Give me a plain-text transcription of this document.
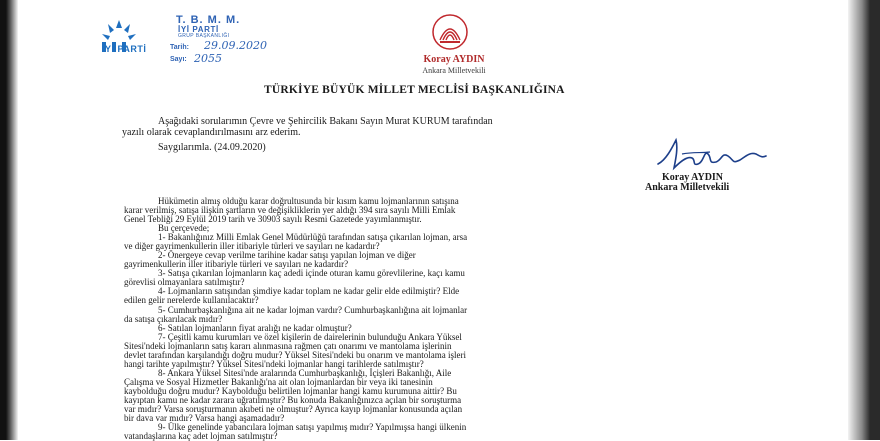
İYİ PARTİ
T. B. M. M.
İYİ PARTİ
GRUP BAŞKANLIĞI
Tarih: 29.09.2020
Sayı: 2055	Koray AYDIN
Ankara Milletvekili
TÜRKİYE BÜYÜK MİLLET MECLİSİ BAŞKANLIĞINA
Aşağıdaki sorularımın Çevre ve Şehircilik Bakanı Sayın Murat KURUM tarafından
yazılı olarak cevaplandırılmasını arz ederim.
Saygılarımla. (24.09.2020)
Koray AYDIN
Ankara Milletvekili
Hükümetin almış olduğu karar doğrultusunda bir kısım kamu lojmanlarının satışına
karar verilmiş, satışa ilişkin şartların ve değişikliklerin yer aldığı 394 sıra sayılı Milli Emlak
Genel Tebliği 29 Eylül 2019 tarih ve 30903 sayılı Resmi Gazetede yayımlanmıştır.
Bu çerçevede;
1- Bakanlığınız Milli Emlak Genel Müdürlüğü tarafından satışa çıkarılan lojman, arsa
ve diğer gayrimenkullerin iller itibariyle türleri ve sayıları ne kadardır?
2- Önergeye cevap verilme tarihine kadar satışı yapılan lojman ve diğer
gayrimenkullerin iller itibariyle türleri ve sayıları ne kadardır?
3- Satışa çıkarılan lojmanların kaç adedi içinde oturan kamu görevlilerine, kaçı kamu
görevlisi olmayanlara satılmıştır?
4- Lojmanların satışından şimdiye kadar toplam ne kadar gelir elde edilmiştir? Elde
edilen gelir nerelerde kullanılacaktır?
5- Cumhurbaşkanlığına ait ne kadar lojman vardır? Cumhurbaşkanlığına ait lojmanlar
da satışa çıkarılacak mıdır?
6- Satılan lojmanların fiyat aralığı ne kadar olmuştur?
7- Çeşitli kamu kurumları ve özel kişilerin de dairelerinin bulunduğu Ankara Yüksel
Sitesi'ndeki lojmanların satış kararı alınmasına rağmen çatı onarımı ve mantolama işlerinin
devlet tarafından karşılandığı doğru mudur? Yüksel Sitesi'ndeki bu onarım ve mantolama işleri
hangi tarihte yapılmıştır? Yüksel Sitesi'ndeki lojmanlar hangi tarihlerde satılmıştır?
8- Ankara Yüksel Sitesi'nde aralarında Cumhurbaşkanlığı, İçişleri Bakanlığı, Aile
Çalışma ve Sosyal Hizmetler Bakanlığı'na ait olan lojmanlardan bir veya iki tanesinin
kaybolduğu doğru mudur? Kaybolduğu belirtilen lojmanlar hangi kamu kurumuna aittir? Bu
kayıptan kamu ne kadar zarara uğratılmıştır? Bu konuda Bakanlığınızca açılan bir soruşturma
var mıdır? Varsa soruşturmanın akıbeti ne olmuştur? Ayrıca kayıp lojmanlar konusunda açılan
bir dava var mıdır? Varsa hangi aşamadadır?
9- Ülke genelinde yabancılara lojman satışı yapılmış mıdır? Yapılmışsa hangi ülkenin
vatandaşlarına kaç adet lojman satılmıştır?
